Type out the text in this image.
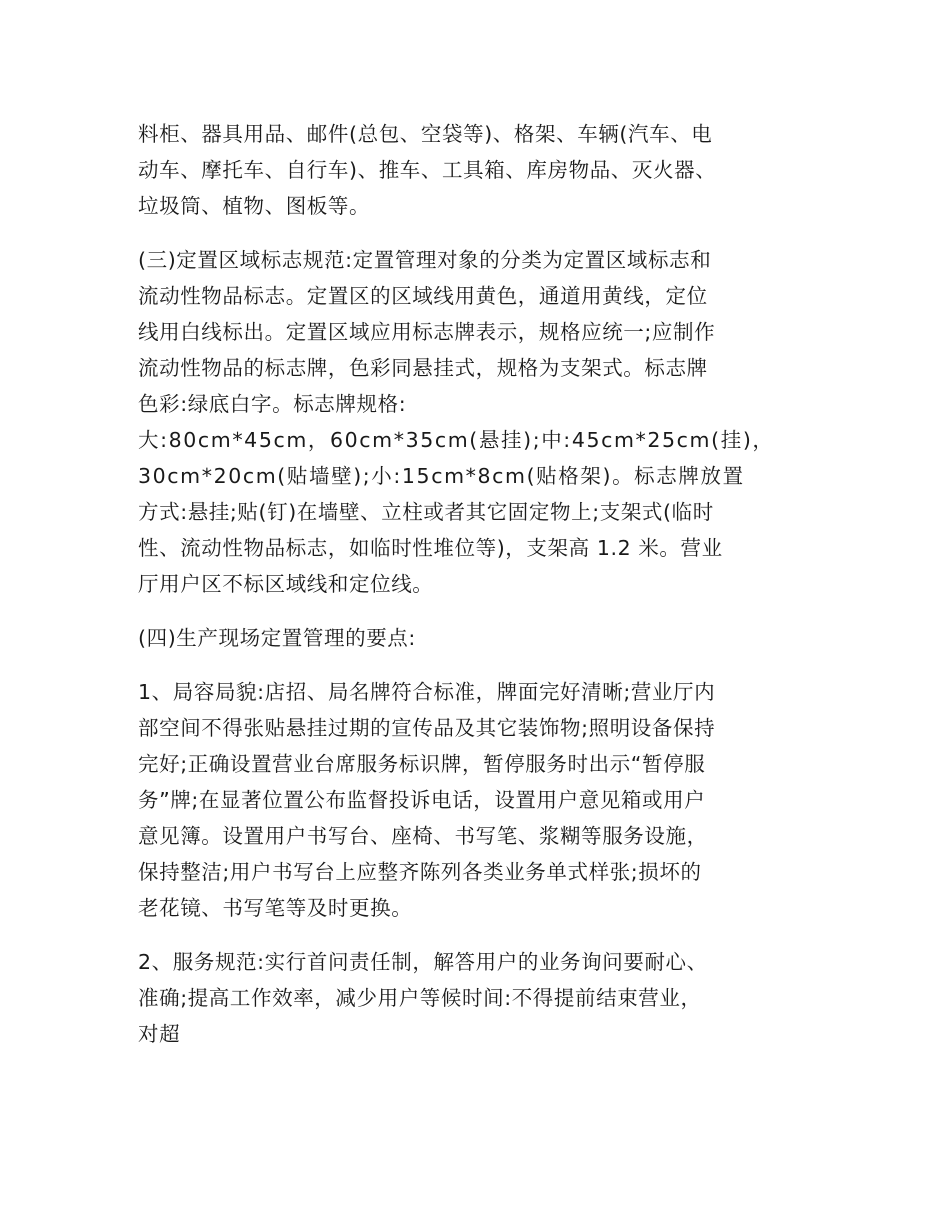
料柜、器具用品、邮件(总包、空袋等)、格架、车辆(汽车、电
动车、摩托车、自行车)、推车、工具箱、库房物品、灭火器、
垃圾筒、植物、图板等。

(三)定置区域标志规范:定置管理对象的分类为定置区域标志和
流动性物品标志。定置区的区域线用黄色，通道用黄线，定位
线用白线标出。定置区域应用标志牌表示，规格应统一;应制作
流动性物品的标志牌，色彩同悬挂式，规格为支架式。标志牌
色彩:绿底白字。标志牌规格:
大:80cm*45cm，60cm*35cm(悬挂);中:45cm*25cm(挂)，
30cm*20cm(贴墙壁);小:15cm*8cm(贴格架)。标志牌放置
方式:悬挂;贴(钉)在墙壁、立柱或者其它固定物上;支架式(临时
性、流动性物品标志，如临时性堆位等)，支架高 1.2 米。营业
厅用户区不标区域线和定位线。

(四)生产现场定置管理的要点:

1、局容局貌:店招、局名牌符合标准，牌面完好清晰;营业厅内
部空间不得张贴悬挂过期的宣传品及其它装饰物;照明设备保持
完好;正确设置营业台席服务标识牌，暂停服务时出示“暂停服
务”牌;在显著位置公布监督投诉电话，设置用户意见箱或用户
意见簿。设置用户书写台、座椅、书写笔、浆糊等服务设施，
保持整洁;用户书写台上应整齐陈列各类业务单式样张;损坏的
老花镜、书写笔等及时更换。

2、服务规范:实行首问责任制，解答用户的业务询问要耐心、
准确;提高工作效率，减少用户等候时间:不得提前结束营业，
对超
